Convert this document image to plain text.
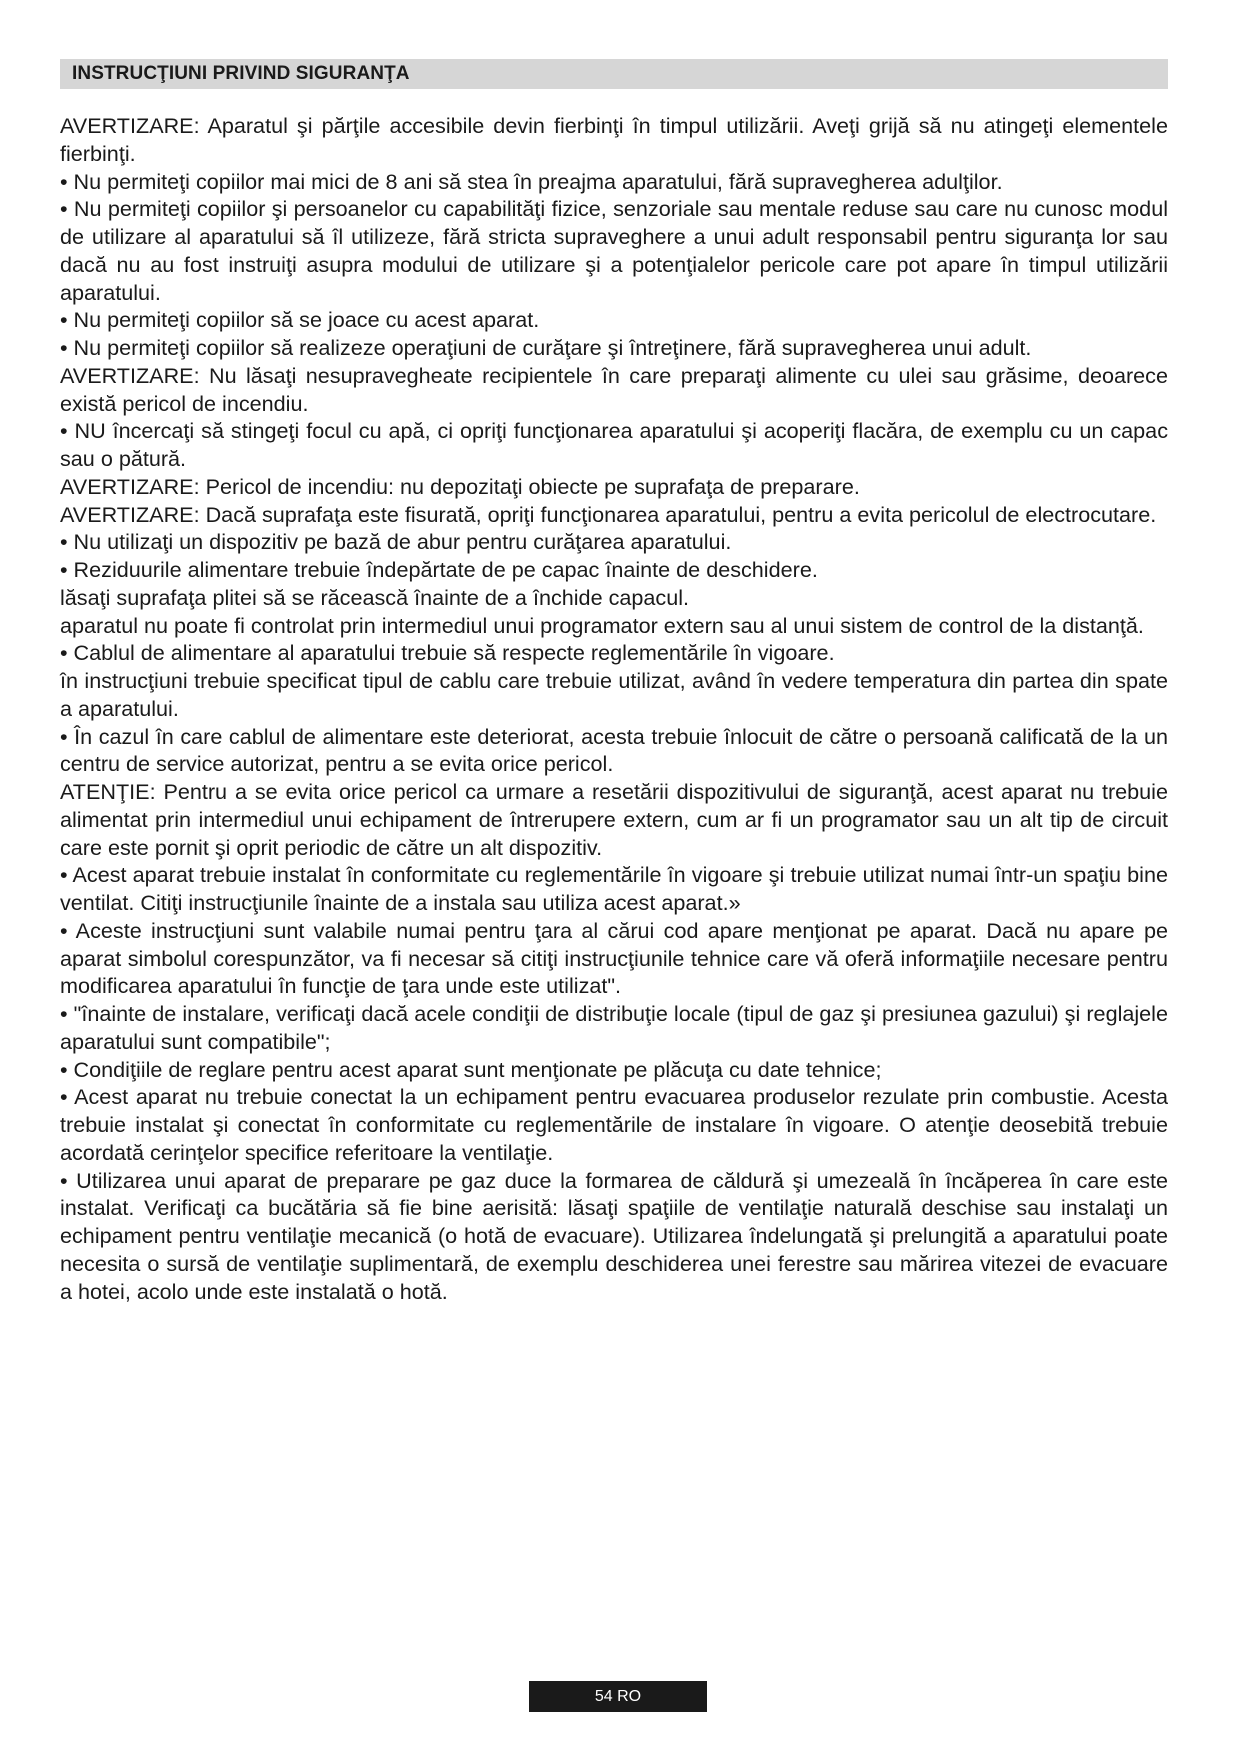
INSTRUCŢIUNI PRIVIND SIGURANŢA

AVERTIZARE: Aparatul şi părţile accesibile devin fierbinţi în timpul utilizării. Aveţi grijă să nu atingeţi elementele fierbinţi.

• Nu permiteţi copiilor mai mici de 8 ani să stea în preajma aparatului, fără supravegherea adulţilor.

• Nu permiteţi copiilor şi persoanelor cu capabilităţi fizice, senzoriale sau mentale reduse sau care nu cunosc modul de utilizare al aparatului să îl utilizeze, fără stricta supraveghere a unui adult responsabil pentru siguranţa lor sau dacă nu au fost instruiţi asupra modului de utilizare şi a potenţialelor pericole care pot apare în timpul utilizării aparatului.

• Nu permiteţi copiilor să se joace cu acest aparat.

• Nu permiteţi copiilor să realizeze operaţiuni de curăţare şi întreţinere, fără supravegherea unui adult.

AVERTIZARE: Nu lăsaţi nesupravegheate recipientele în care preparaţi alimente cu ulei sau grăsime, deoarece există pericol de incendiu.

• NU încercaţi să stingeţi focul cu apă, ci opriţi funcţionarea aparatului şi acoperiţi flacăra, de exemplu cu un capac sau o pătură.

AVERTIZARE: Pericol de incendiu: nu depozitaţi obiecte pe suprafaţa de preparare.

AVERTIZARE: Dacă suprafaţa este fisurată, opriţi funcţionarea aparatului, pentru a evita pericolul de electrocutare.

• Nu utilizaţi un dispozitiv pe bază de abur pentru curăţarea aparatului.

• Reziduurile alimentare trebuie îndepărtate de pe capac înainte de deschidere.

lăsaţi suprafaţa plitei să se răcească înainte de a închide capacul.

aparatul nu poate fi controlat prin intermediul unui programator extern sau al unui sistem de control de la distanţă.

• Cablul de alimentare al aparatului trebuie să respecte reglementările în vigoare.

în instrucţiuni trebuie specificat tipul de cablu care trebuie utilizat, având în vedere temperatura din partea din spate a aparatului.

• În cazul în care cablul de alimentare este deteriorat, acesta trebuie înlocuit de către o persoană calificată de la un centru de service autorizat, pentru a se evita orice pericol.

ATENŢIE: Pentru a se evita orice pericol ca urmare a resetării dispozitivului de siguranţă, acest aparat nu trebuie alimentat prin intermediul unui echipament de întrerupere extern, cum ar fi un programator sau un alt tip de circuit care este pornit şi oprit periodic de către un alt dispozitiv.

• Acest aparat trebuie instalat în conformitate cu reglementările în vigoare şi trebuie utilizat numai într-un spaţiu bine ventilat. Citiţi instrucţiunile înainte de a instala sau utiliza acest aparat.»

• Aceste instrucţiuni sunt valabile numai pentru ţara al cărui cod apare menţionat pe aparat. Dacă nu apare pe aparat simbolul corespunzător, va fi necesar să citiţi instrucţiunile tehnice care vă oferă informaţiile necesare pentru modificarea aparatului în funcţie de ţara unde este utilizat".

• "înainte de instalare, verificaţi dacă acele condiţii de distribuţie locale (tipul de gaz şi presiunea gazului) şi reglajele aparatului sunt compatibile";

• Condiţiile de reglare pentru acest aparat sunt menţionate pe plăcuţa cu date tehnice;

• Acest aparat nu trebuie conectat la un echipament pentru evacuarea produselor rezulate prin combustie. Acesta trebuie instalat şi conectat în conformitate cu reglementările de instalare în vigoare. O atenţie deosebită trebuie acordată cerinţelor specifice referitoare la ventilaţie.

• Utilizarea unui aparat de preparare pe gaz duce la formarea de căldură şi umezeală în încăperea în care este instalat. Verificaţi ca bucătăria să fie bine aerisită: lăsaţi spaţiile de ventilaţie naturală deschise sau instalaţi un echipament pentru ventilaţie mecanică (o hotă de evacuare). Utilizarea îndelungată şi prelungită a aparatului poate necesita o sursă de ventilaţie suplimentară, de exemplu deschiderea unei ferestre sau mărirea vitezei de evacuare a hotei, acolo unde este instalată o hotă.

54 RO
